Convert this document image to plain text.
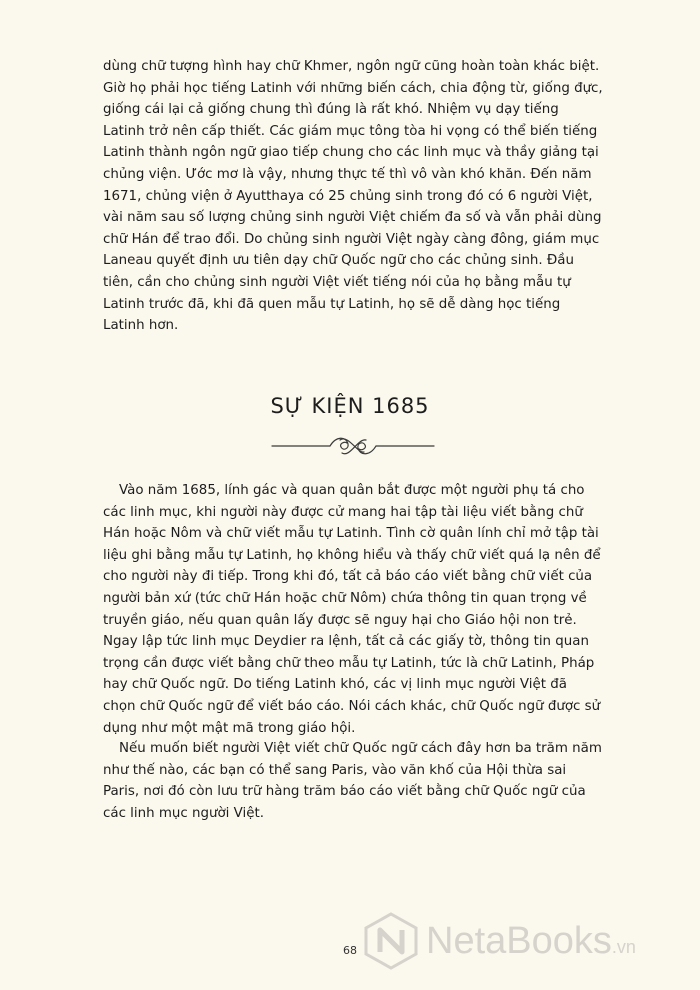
dùng chữ tượng hình hay chữ Khmer, ngôn ngữ cũng hoàn toàn khác biệt. Giờ họ phải học tiếng Latinh với những biến cách, chia động từ, giống đực, giống cái lại cả giống chung thì đúng là rất khó. Nhiệm vụ dạy tiếng Latinh trở nên cấp thiết. Các giám mục tông tòa hi vọng có thể biến tiếng Latinh thành ngôn ngữ giao tiếp chung cho các linh mục và thầy giảng tại chủng viện. Ước mơ là vậy, nhưng thực tế thì vô vàn khó khăn. Đến năm 1671, chủng viện ở Ayutthaya có 25 chủng sinh trong đó có 6 người Việt, vài năm sau số lượng chủng sinh người Việt chiếm đa số và vẫn phải dùng chữ Hán để trao đổi. Do chủng sinh người Việt ngày càng đông, giám mục Laneau quyết định ưu tiên dạy chữ Quốc ngữ cho các chủng sinh. Đầu tiên, cần cho chủng sinh người Việt viết tiếng nói của họ bằng mẫu tự Latinh trước đã, khi đã quen mẫu tự Latinh, họ sẽ dễ dàng học tiếng Latinh hơn.

SỰ KIỆN 1685

Vào năm 1685, lính gác và quan quân bắt được một người phụ tá cho các linh mục, khi người này được cử mang hai tập tài liệu viết bằng chữ Hán hoặc Nôm và chữ viết mẫu tự Latinh. Tình cờ quân lính chỉ mở tập tài liệu ghi bằng mẫu tự Latinh, họ không hiểu và thấy chữ viết quá lạ nên để cho người này đi tiếp. Trong khi đó, tất cả báo cáo viết bằng chữ viết của người bản xứ (tức chữ Hán hoặc chữ Nôm) chứa thông tin quan trọng về truyền giáo, nếu quan quân lấy được sẽ nguy hại cho Giáo hội non trẻ. Ngay lập tức linh mục Deydier ra lệnh, tất cả các giấy tờ, thông tin quan trọng cần được viết bằng chữ theo mẫu tự Latinh, tức là chữ Latinh, Pháp hay chữ Quốc ngữ. Do tiếng Latinh khó, các vị linh mục người Việt đã chọn chữ Quốc ngữ để viết báo cáo. Nói cách khác, chữ Quốc ngữ được sử dụng như một mật mã trong giáo hội.

Nếu muốn biết người Việt viết chữ Quốc ngữ cách đây hơn ba trăm năm như thế nào, các bạn có thể sang Paris, vào văn khố của Hội thừa sai Paris, nơi đó còn lưu trữ hàng trăm báo cáo viết bằng chữ Quốc ngữ của các linh mục người Việt.

68	NetaBooks.vn
